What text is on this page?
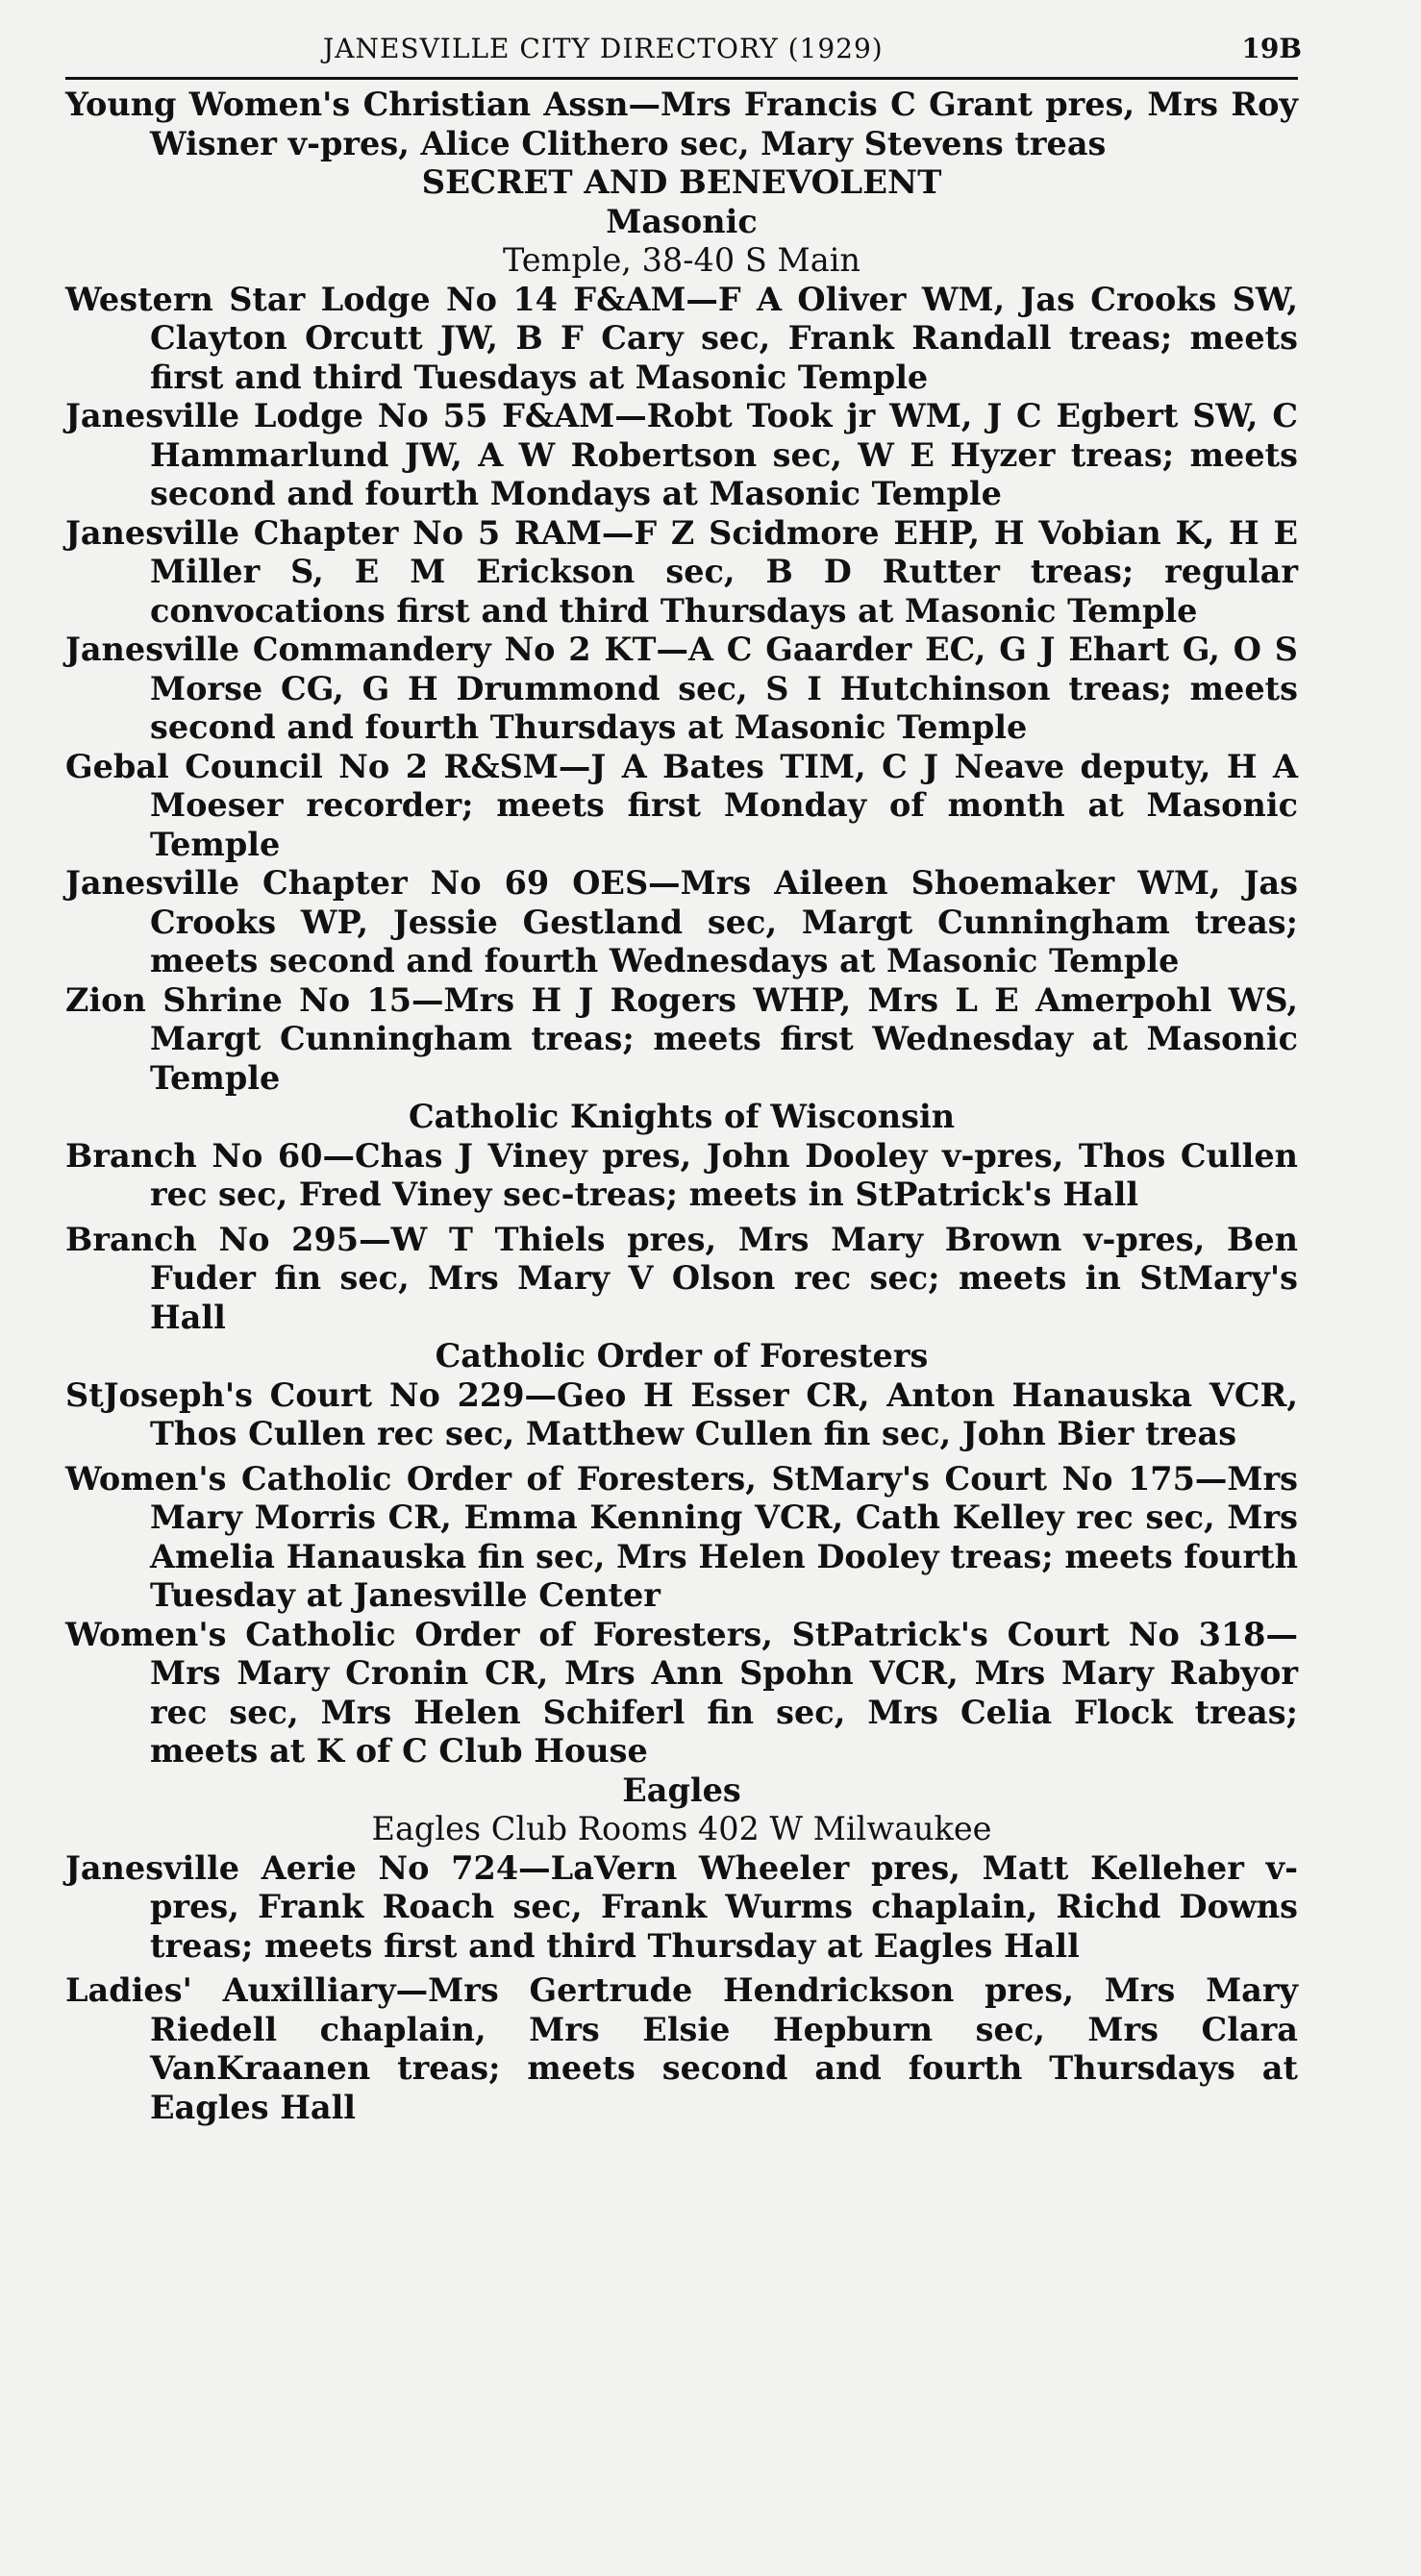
JANESVILLE CITY DIRECTORY (1929)	19B

Young Women's Christian Assn—Mrs Francis C Grant pres, Mrs Roy Wisner v-pres, Alice Clithero sec, Mary Stevens treas

SECRET AND BENEVOLENT

Masonic

Temple, 38-40 S Main

Western Star Lodge No 14 F&AM—F A Oliver WM, Jas Crooks SW, Clayton Orcutt JW, B F Cary sec, Frank Randall treas; meets first and third Tuesdays at Masonic Temple

Janesville Lodge No 55 F&AM—Robt Took jr WM, J C Egbert SW, C Hammarlund JW, A W Robertson sec, W E Hyzer treas; meets second and fourth Mondays at Masonic Temple

Janesville Chapter No 5 RAM—F Z Scidmore EHP, H Vobian K, H E Miller S, E M Erickson sec, B D Rutter treas; regular convocations first and third Thursdays at Masonic Temple

Janesville Commandery No 2 KT—A C Gaarder EC, G J Ehart G, O S Morse CG, G H Drummond sec, S I Hutchinson treas; meets second and fourth Thursdays at Masonic Temple

Gebal Council No 2 R&SM—J A Bates TIM, C J Neave deputy, H A Moeser recorder; meets first Monday of month at Masonic Temple

Janesville Chapter No 69 OES—Mrs Aileen Shoemaker WM, Jas Crooks WP, Jessie Gestland sec, Margt Cunningham treas; meets second and fourth Wednesdays at Masonic Temple

Zion Shrine No 15—Mrs H J Rogers WHP, Mrs L E Amerpohl WS, Margt Cunningham treas; meets first Wednesday at Masonic Temple

Catholic Knights of Wisconsin

Branch No 60—Chas J Viney pres, John Dooley v-pres, Thos Cullen rec sec, Fred Viney sec-treas; meets in StPatrick's Hall

Branch No 295—W T Thiels pres, Mrs Mary Brown v-pres, Ben Fuder fin sec, Mrs Mary V Olson rec sec; meets in StMary's Hall

Catholic Order of Foresters

StJoseph's Court No 229—Geo H Esser CR, Anton Hanauska VCR, Thos Cullen rec sec, Matthew Cullen fin sec, John Bier treas

Women's Catholic Order of Foresters, StMary's Court No 175—Mrs Mary Morris CR, Emma Kenning VCR, Cath Kelley rec sec, Mrs Amelia Hanauska fin sec, Mrs Helen Dooley treas; meets fourth Tuesday at Janesville Center

Women's Catholic Order of Foresters, StPatrick's Court No 318—Mrs Mary Cronin CR, Mrs Ann Spohn VCR, Mrs Mary Rabyor rec sec, Mrs Helen Schiferl fin sec, Mrs Celia Flock treas; meets at K of C Club House

Eagles

Eagles Club Rooms 402 W Milwaukee

Janesville Aerie No 724—LaVern Wheeler pres, Matt Kelleher v-pres, Frank Roach sec, Frank Wurms chaplain, Richd Downs treas; meets first and third Thursday at Eagles Hall

Ladies' Auxilliary—Mrs Gertrude Hendrickson pres, Mrs Mary Riedell chaplain, Mrs Elsie Hepburn sec, Mrs Clara VanKraanen treas; meets second and fourth Thursdays at Eagles Hall
